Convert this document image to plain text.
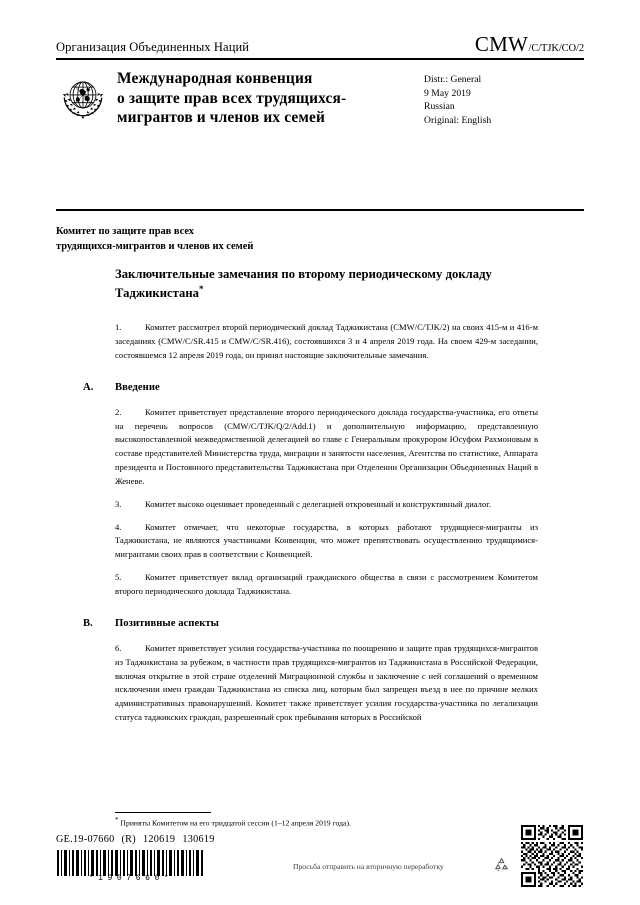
Организация Объединенных Наций	CMW /C/TJK/CO/2
Международная конвенция
о защите прав всех трудящихся-
мигрантов и членов их семей
Distr.: General
9 May 2019
Russian
Original: English
Комитет по защите прав всех
трудящихся-мигрантов и членов их семей
Заключительные замечания по второму периодическому докладу Таджикистана*
1.	Комитет рассмотрел второй периодический доклад Таджикистана (CMW/C/TJK/2) на своих 415-м и 416-м заседаниях (CMW/C/SR.415 и CMW/C/SR.416), состоявшихся 3 и 4 апреля 2019 года. На своем 429-м заседании, состоявшемся 12 апреля 2019 года, он принял настоящие заключительные замечания.
A. Введение
2.	Комитет приветствует представление второго периодического доклада государства-участника, его ответы на перечень вопросов (CMW/C/TJK/Q/2/Add.1) и дополнительную информацию, представленную высокопоставленной межведомственной делегацией во главе с Генеральным прокурором Юсуфом Рахмоновым в составе представителей Министерства труда, миграции и занятости населения, Агентства по статистике, Аппарата президента и Постоянного представительства Таджикистана при Отделении Организации Объединенных Наций в Женеве.
3.	Комитет высоко оценивает проведенный с делегацией откровенный и конструктивный диалог.
4.	Комитет отмечает, что некоторые государства, в которых работают трудящиеся-мигранты из Таджикистана, не являются участниками Конвенции, что может препятствовать осуществлению трудящимися-мигрантами своих прав в соответствии с Конвенцией.
5.	Комитет приветствует вклад организаций гражданского общества в связи с рассмотрением Комитетом второго периодического доклада Таджикистана.
B. Позитивные аспекты
6.	Комитет приветствует усилия государства-участника по поощрению и защите прав трудящихся-мигрантов из Таджикистана за рубежом, в частности прав трудящихся-мигрантов из Таджикистана в Российской Федерации, включая открытие в этой стране отделений Миграционной службы и заключение с ней соглашений о временном исключении имен граждан Таджикистана из списка лиц, которым был запрещен въезд в нее по причине мелких административных правонарушений. Комитет также приветствует усилия государства-участника по легализации статуса таджикских граждан, разрешенный срок пребывания которых в Российской
* Приняты Комитетом на его тридцатой сессии (1–12 апреля 2019 года).
GE.19-07660 (R) 120619 130619
*1907660*
Просьба отправить на вторичную переработку
